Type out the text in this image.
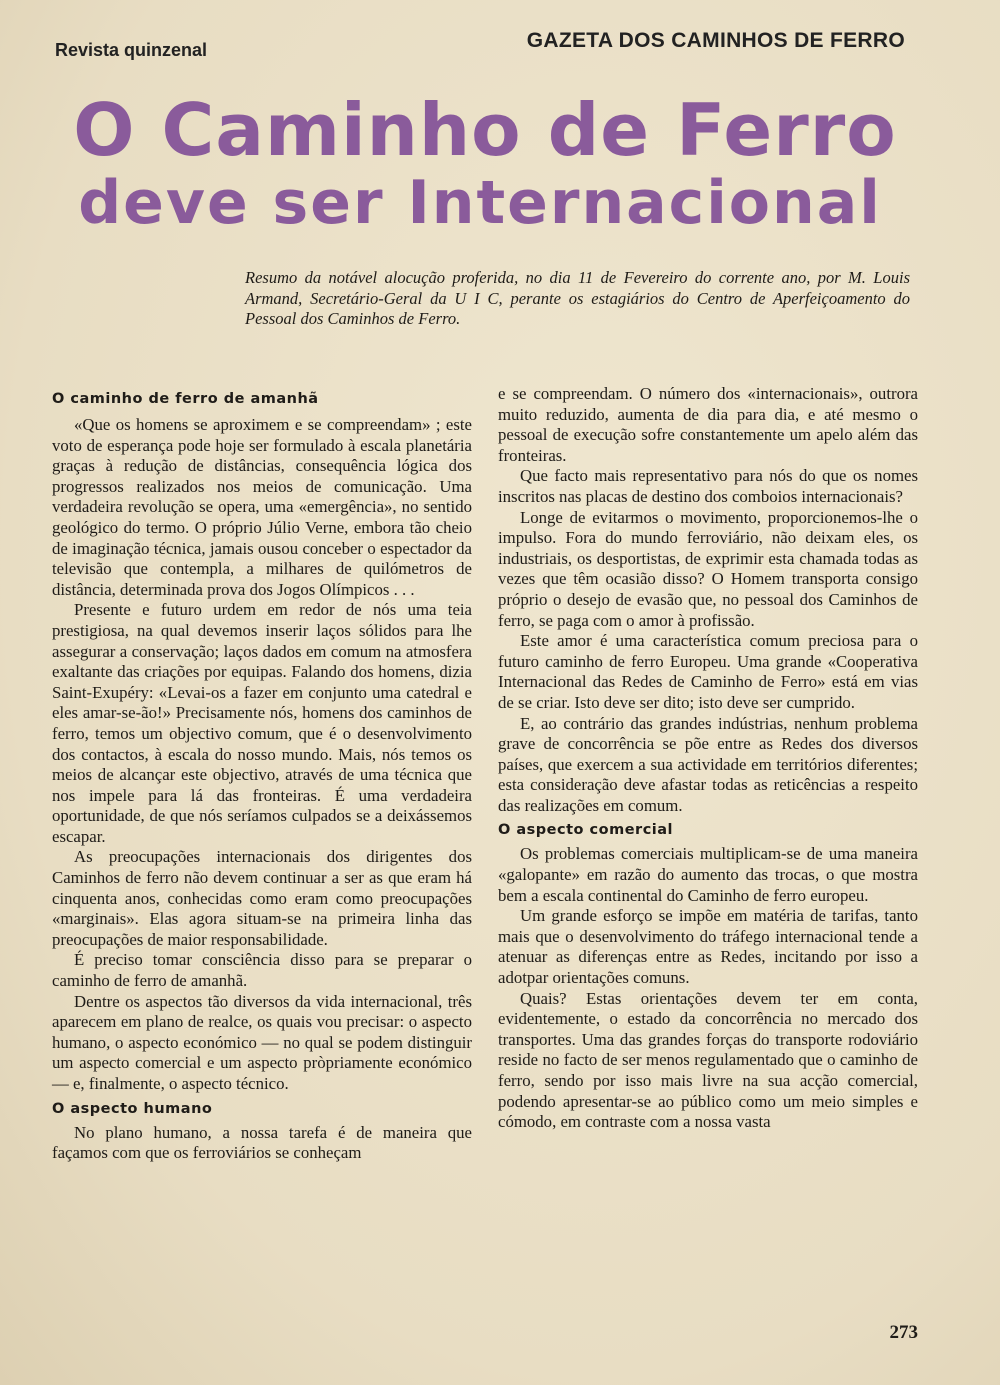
Revista quinzenal	GAZETA DOS CAMINHOS DE FERRO
O Caminho de Ferro
deve ser Internacional
Resumo da notável alocução proferida, no dia 11 de Fevereiro do corrente ano, por M. Louis Armand, Secretário-Geral da U I C, perante os estagiários do Centro de Aperfeiçoamento do Pessoal dos Caminhos de Ferro.
O caminho de ferro de amanhã

«Que os homens se aproximem e se compreendam» ; este voto de esperança pode hoje ser formulado à escala planetária graças à redução de distâncias, consequência lógica dos progressos realizados nos meios de comunicação. Uma verdadeira revolução se opera, uma «emergência», no sentido geológico do termo. O próprio Júlio Verne, embora tão cheio de imaginação técnica, jamais ousou conceber o espectador da televisão que contempla, a milhares de quilómetros de distância, determinada prova dos Jogos Olímpicos . . .

Presente e futuro urdem em redor de nós uma teia prestigiosa, na qual devemos inserir laços sólidos para lhe assegurar a conservação; laços dados em comum na atmosfera exaltante das criações por equipas. Falando dos homens, dizia Saint-Exupéry: «Levai-os a fazer em conjunto uma catedral e eles amar-se-ão!» Precisamente nós, homens dos caminhos de ferro, temos um objectivo comum, que é o desenvolvimento dos contactos, à escala do nosso mundo. Mais, nós temos os meios de alcançar este objectivo, através de uma técnica que nos impele para lá das fronteiras. É uma verdadeira oportunidade, de que nós seríamos culpados se a deixássemos escapar.

As preocupações internacionais dos dirigentes dos Caminhos de ferro não devem continuar a ser as que eram há cinquenta anos, conhecidas como eram como preocupações «marginais». Elas agora situam-se na primeira linha das preocupações de maior responsabilidade.

É preciso tomar consciência disso para se preparar o caminho de ferro de amanhã.

Dentre os aspectos tão diversos da vida internacional, três aparecem em plano de realce, os quais vou precisar: o aspecto humano, o aspecto económico — no qual se podem distinguir um aspecto comercial e um aspecto pròpriamente económico — e, finalmente, o aspecto técnico.

O aspecto humano

No plano humano, a nossa tarefa é de maneira que façamos com que os ferroviários se conheçam

e se compreendam. O número dos «internacionais», outrora muito reduzido, aumenta de dia para dia, e até mesmo o pessoal de execução sofre constantemente um apelo além das fronteiras.

Que facto mais representativo para nós do que os nomes inscritos nas placas de destino dos comboios internacionais?

Longe de evitarmos o movimento, proporcionemos-lhe o impulso. Fora do mundo ferroviário, não deixam eles, os industriais, os desportistas, de exprimir esta chamada todas as vezes que têm ocasião disso? O Homem transporta consigo próprio o desejo de evasão que, no pessoal dos Caminhos de ferro, se paga com o amor à profissão.

Este amor é uma característica comum preciosa para o futuro caminho de ferro Europeu. Uma grande «Cooperativa Internacional das Redes de Caminho de Ferro» está em vias de se criar. Isto deve ser dito; isto deve ser cumprido.

E, ao contrário das grandes indústrias, nenhum problema grave de concorrência se põe entre as Redes dos diversos países, que exercem a sua actividade em territórios diferentes; esta consideração deve afastar todas as reticências a respeito das realizações em comum.

O aspecto comercial

Os problemas comerciais multiplicam-se de uma maneira «galopante» em razão do aumento das trocas, o que mostra bem a escala continental do Caminho de ferro europeu.

Um grande esforço se impõe em matéria de tarifas, tanto mais que o desenvolvimento do tráfego internacional tende a atenuar as diferenças entre as Redes, incitando por isso a adotpar orientações comuns.

Quais? Estas orientações devem ter em conta, evidentemente, o estado da concorrência no mercado dos transportes. Uma das grandes forças do transporte rodoviário reside no facto de ser menos regulamentado que o caminho de ferro, sendo por isso mais livre na sua acção comercial, podendo apresentar-se ao público como um meio simples e cómodo, em contraste com a nossa vasta

273
